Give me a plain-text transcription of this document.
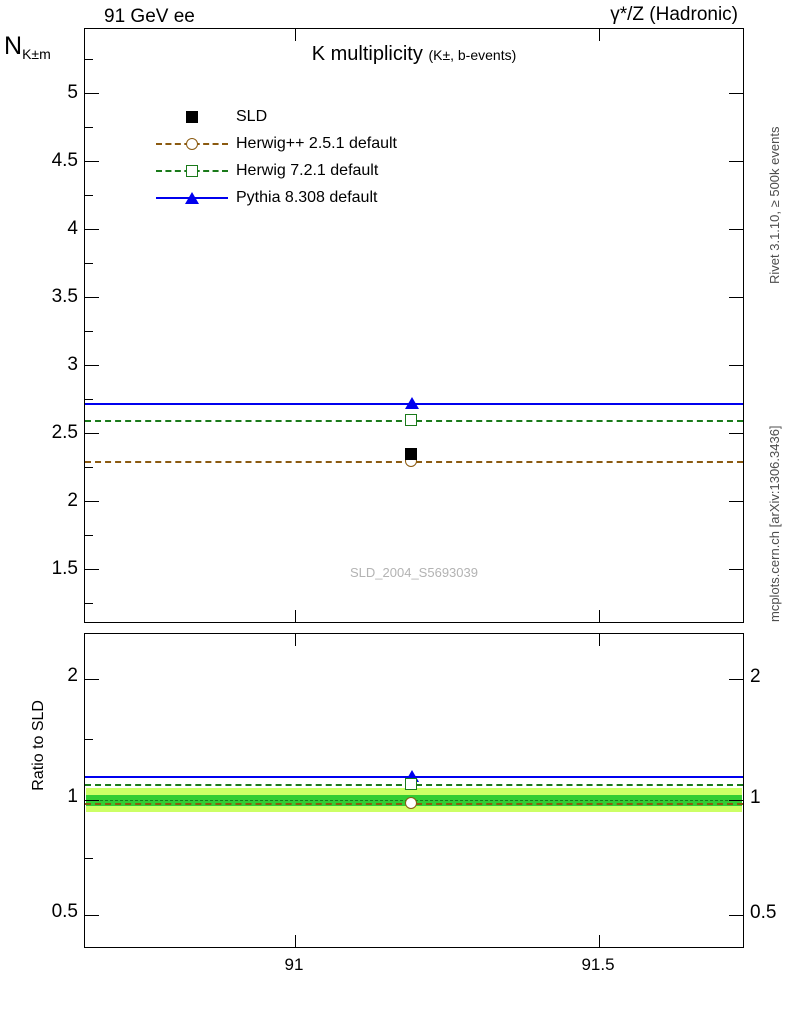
91 GeV ee	γ*/Z (Hadronic)
Rivet 3.1.10, ≥ 500k events
mcplots.cern.ch [arXiv:1306.3436]
$N_{K\pm m}$
5
4.5
4
3.5
3
2.5
2
1.5
K multiplicity (K±, b-events)
SLD_2004_S5693039
SLD
Herwig++ 2.5.1 default
Herwig 7.2.1 default
Pythia 8.308 default
Ratio to SLD
2
1
0.5
2
1
0.5
91	91.5
